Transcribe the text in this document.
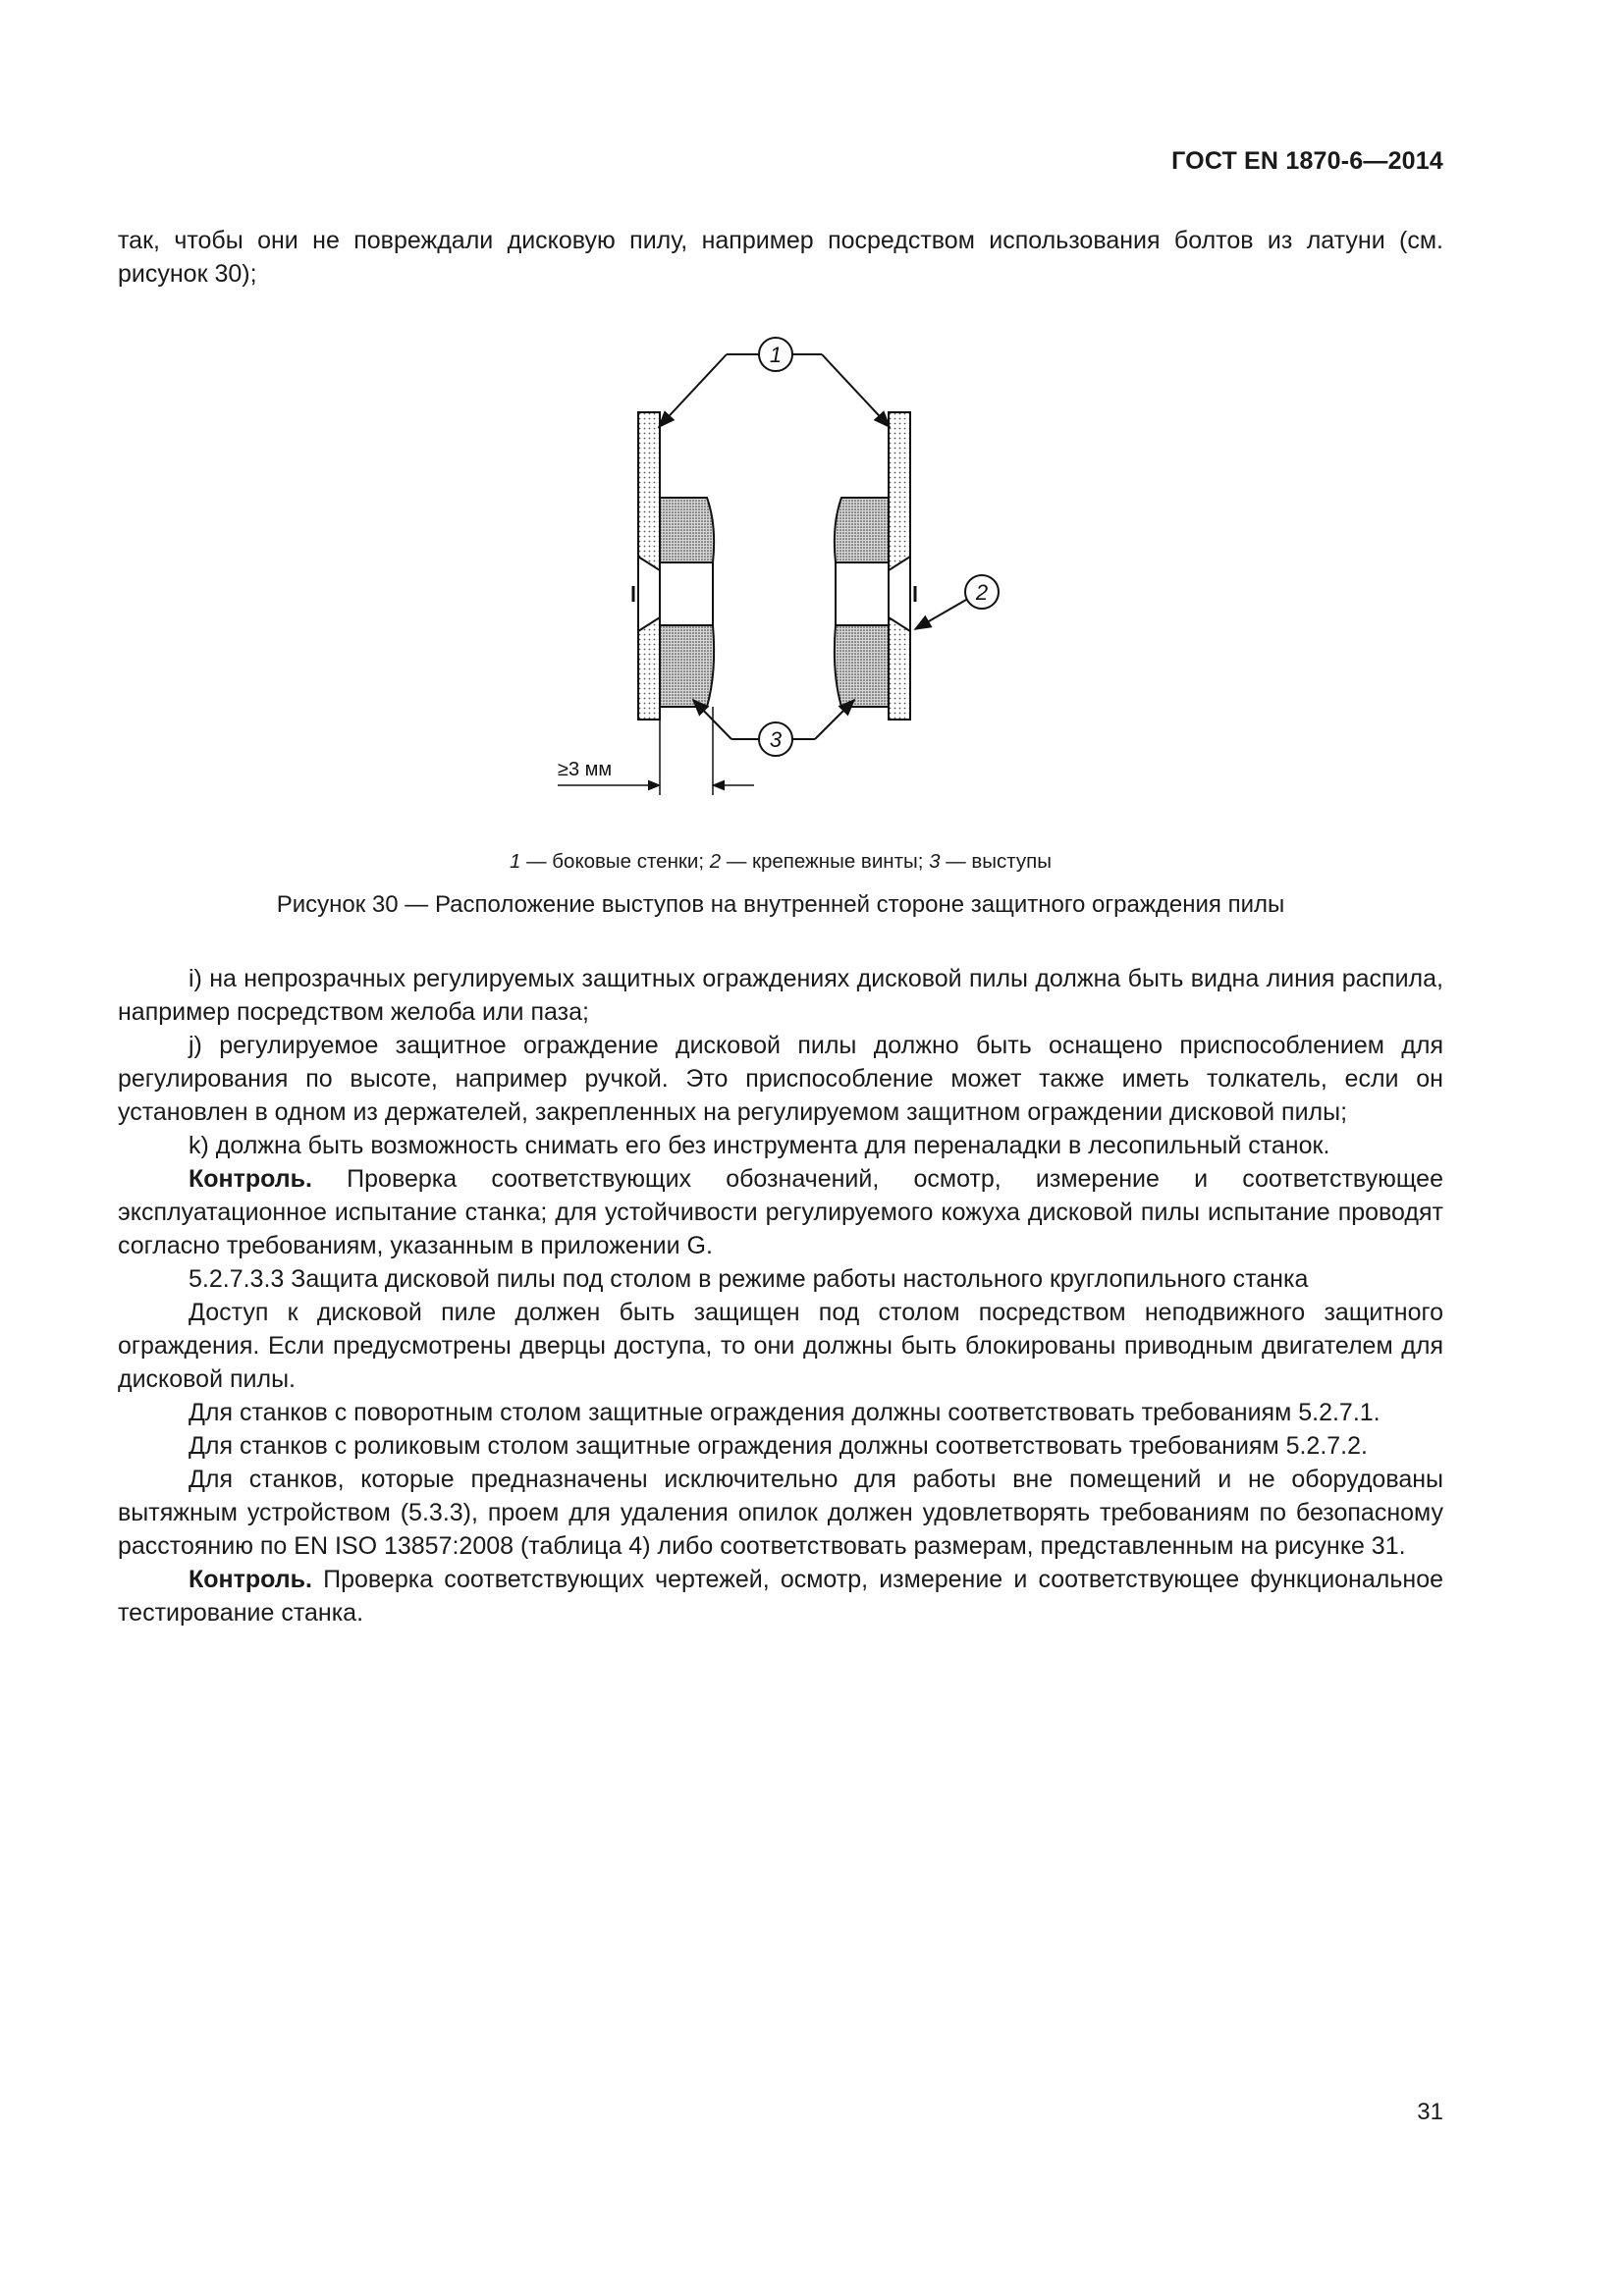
ГОСТ EN 1870-6—2014

так, чтобы они не повреждали дисковую пилу, например посредством использования болтов из латуни (см. рисунок 30);

1
2
3
≥3 мм
1 — боковые стенки; 2 — крепежные винты; 3 — выступы
Рисунок 30 — Расположение выступов на внутренней стороне защитного ограждения пилы

i) на непрозрачных регулируемых защитных ограждениях дисковой пилы должна быть видна линия распила, например посредством желоба или паза;

j) регулируемое защитное ограждение дисковой пилы должно быть оснащено приспособлением для регулирования по высоте, например ручкой. Это приспособление может также иметь толкатель, если он установлен в одном из держателей, закрепленных на регулируемом защитном ограждении дисковой пилы;

k) должна быть возможность снимать его без инструмента для переналадки в лесопильный станок.

Контроль. Проверка соответствующих обозначений, осмотр, измерение и соответствующее эксплуатационное испытание станка; для устойчивости регулируемого кожуха дисковой пилы испытание проводят согласно требованиям, указанным в приложении G.

5.2.7.3.3 Защита дисковой пилы под столом в режиме работы настольного круглопильного станка

Доступ к дисковой пиле должен быть защищен под столом посредством неподвижного защитного ограждения. Если предусмотрены дверцы доступа, то они должны быть блокированы приводным двигателем для дисковой пилы.

Для станков с поворотным столом защитные ограждения должны соответствовать требованиям 5.2.7.1.

Для станков с роликовым столом защитные ограждения должны соответствовать требованиям 5.2.7.2.

Для станков, которые предназначены исключительно для работы вне помещений и не оборудованы вытяжным устройством (5.3.3), проем для удаления опилок должен удовлетворять требованиям по безопасному расстоянию по EN ISO 13857:2008 (таблица 4) либо соответствовать размерам, представленным на рисунке 31.

Контроль. Проверка соответствующих чертежей, осмотр, измерение и соответствующее функциональное тестирование станка.

31
